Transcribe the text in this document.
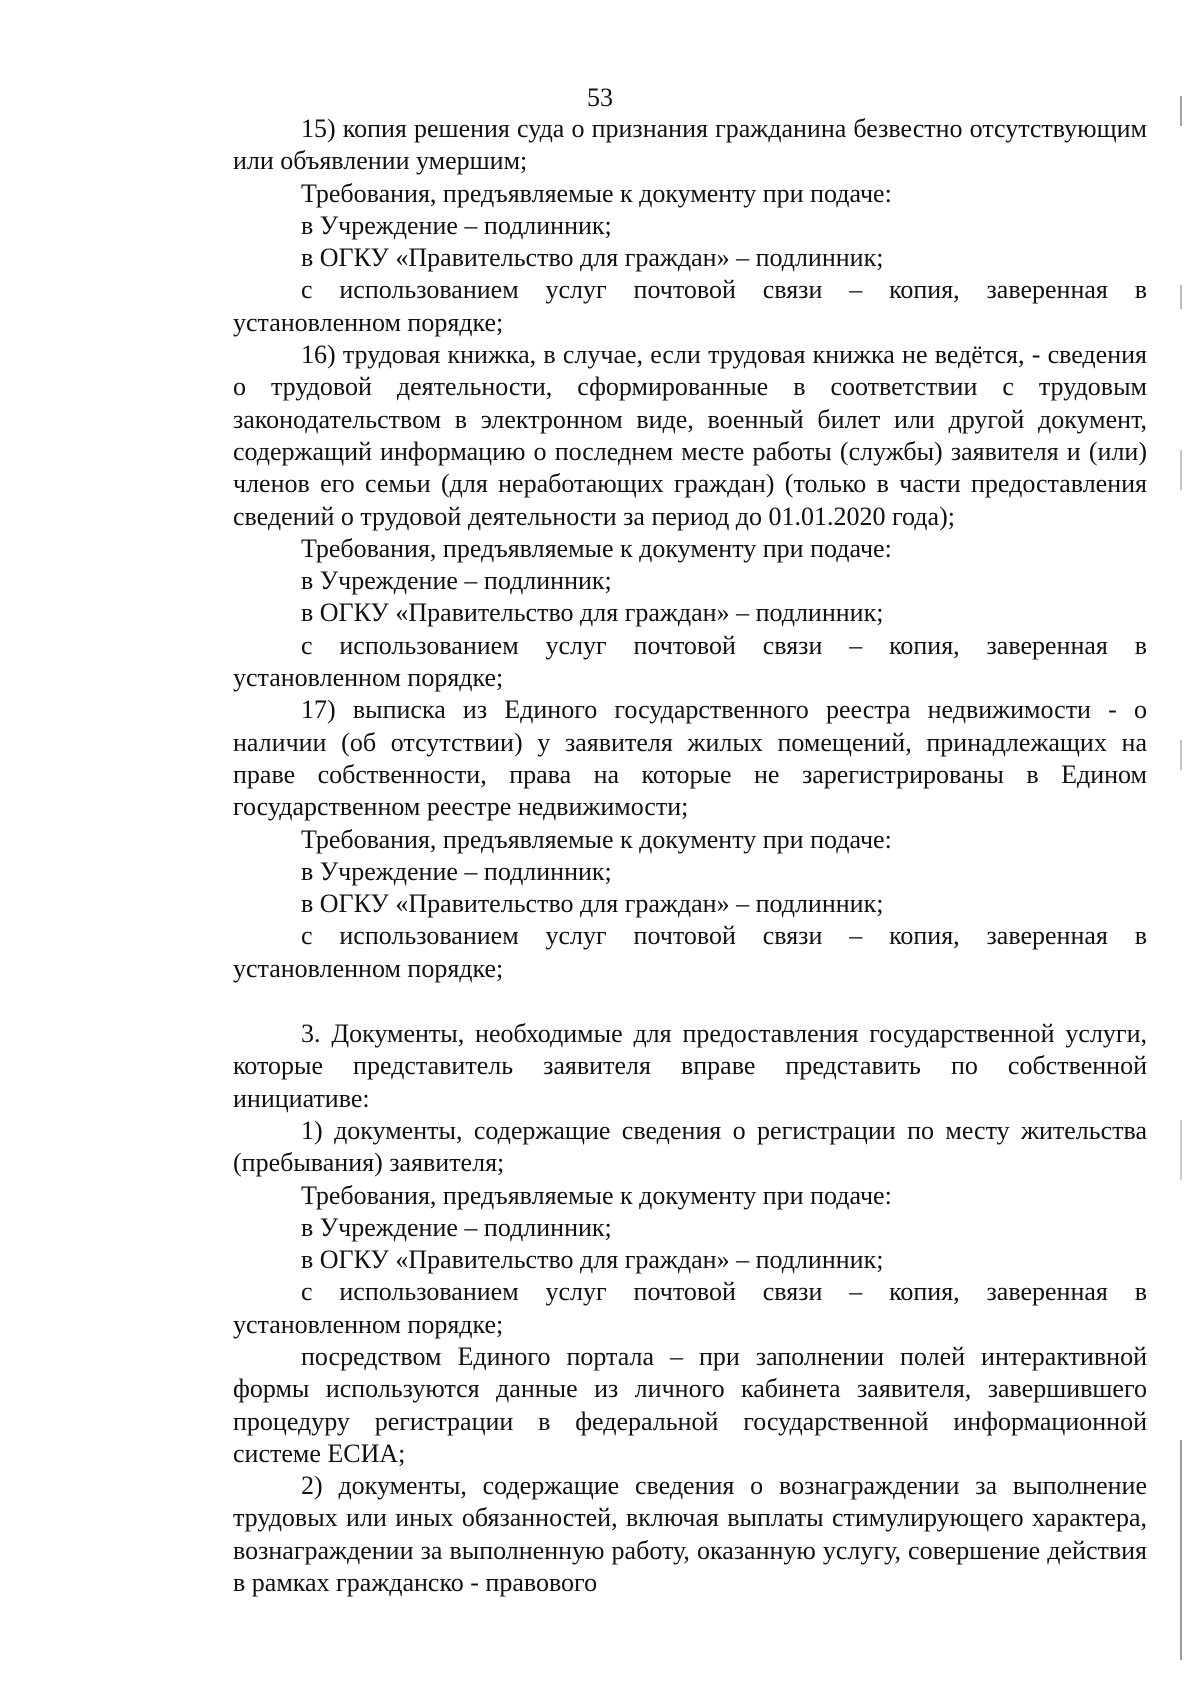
53

15) копия решения суда о признания гражданина безвестно отсутствующим или объявлении умершим;

Требования, предъявляемые к документу при подаче:

в Учреждение – подлинник;

в ОГКУ «Правительство для граждан» – подлинник;

с использованием услуг почтовой связи – копия, заверенная в установленном порядке;

16) трудовая книжка, в случае, если трудовая книжка не ведётся, - сведения о трудовой деятельности, сформированные в соответствии с трудовым законодательством в электронном виде, военный билет или другой документ, содержащий информацию о последнем месте работы (службы) заявителя и (или) членов его семьи (для неработающих граждан) (только в части предоставления сведений о трудовой деятельности за период до 01.01.2020 года);

Требования, предъявляемые к документу при подаче:

в Учреждение – подлинник;

в ОГКУ «Правительство для граждан» – подлинник;

с использованием услуг почтовой связи – копия, заверенная в установленном порядке;

17) выписка из Единого государственного реестра недвижимости - о наличии (об отсутствии) у заявителя жилых помещений, принадлежащих на праве собственности, права на которые не зарегистрированы в Едином государственном реестре недвижимости;

Требования, предъявляемые к документу при подаче:

в Учреждение – подлинник;

в ОГКУ «Правительство для граждан» – подлинник;

с использованием услуг почтовой связи – копия, заверенная в установленном порядке;

3. Документы, необходимые для предоставления государственной услуги, которые представитель заявителя вправе представить по собственной инициативе:

1) документы, содержащие сведения о регистрации по месту жительства (пребывания) заявителя;

Требования, предъявляемые к документу при подаче:

в Учреждение – подлинник;

в ОГКУ «Правительство для граждан» – подлинник;

с использованием услуг почтовой связи – копия, заверенная в установленном порядке;

посредством Единого портала – при заполнении полей интерактивной формы используются данные из личного кабинета заявителя, завершившего процедуру регистрации в федеральной государственной информационной системе ЕСИА;

2) документы, содержащие сведения о вознаграждении за выполнение трудовых или иных обязанностей, включая выплаты стимулирующего характера, вознаграждении за выполненную работу, оказанную услугу, совершение действия в рамках гражданско - правового
